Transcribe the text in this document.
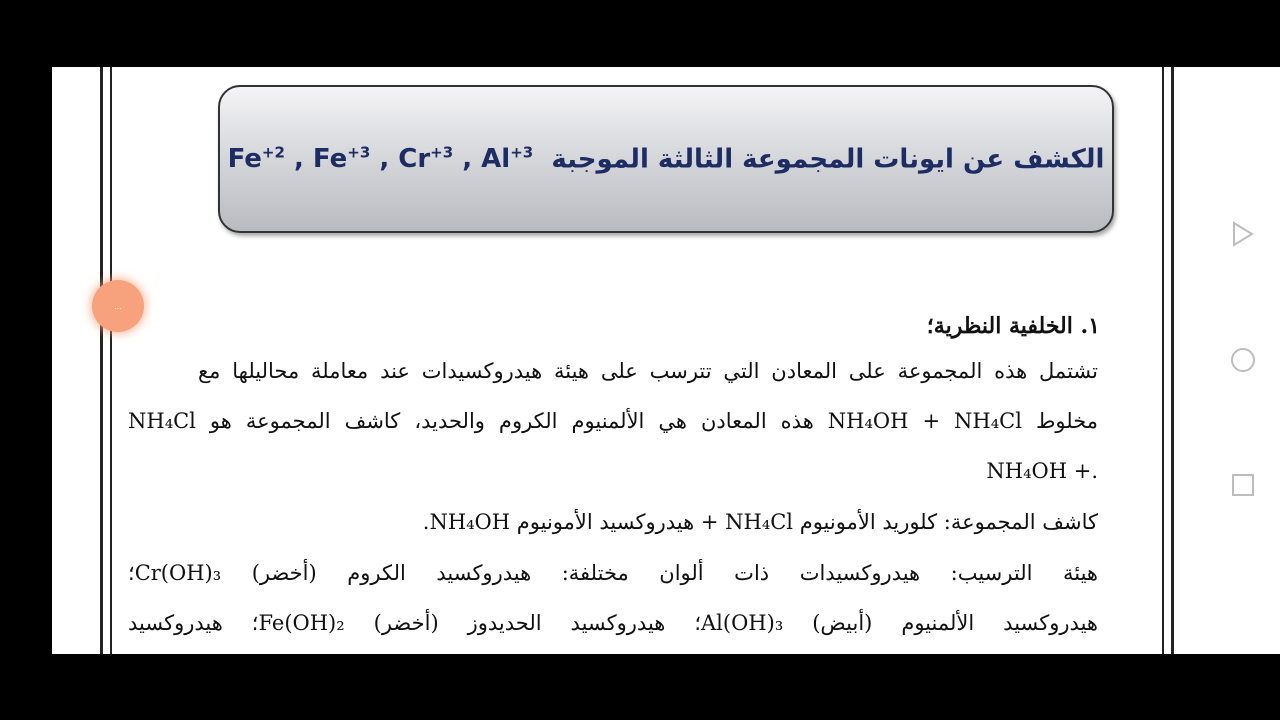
الكشف عن ايونات المجموعة الثالثة الموجبة  $Fe^{+2}$ , $Fe^{+3}$ , $Cr^{+3}$ , $Al^{+3}$
١. الخلفية النظرية؛
تشتمل هذه المجموعة على المعادن التي تترسب على هيئة هيدروكسيدات عند معاملة محاليلها مع
مخلوط NH₄OH + NH₄Cl هذه المعادن هي الألمنيوم الكروم والحديد، كاشف المجموعة هو NH₄Cl
.+ NH₄OH
كاشف المجموعة: كلوريد الأمونيوم NH₄Cl + هيدروكسيد الأمونيوم NH₄OH.
هيئة الترسيب: هيدروكسيدات ذات ألوان مختلفة: هيدروكسيد الكروم (أخضر) Cr(OH)₃؛
هيدروكسيد الألمنيوم (أبيض) Al(OH)₃؛ هيدروكسيد الحديدوز (أخضر) Fe(OH)₂؛ هيدروكسيد
...
